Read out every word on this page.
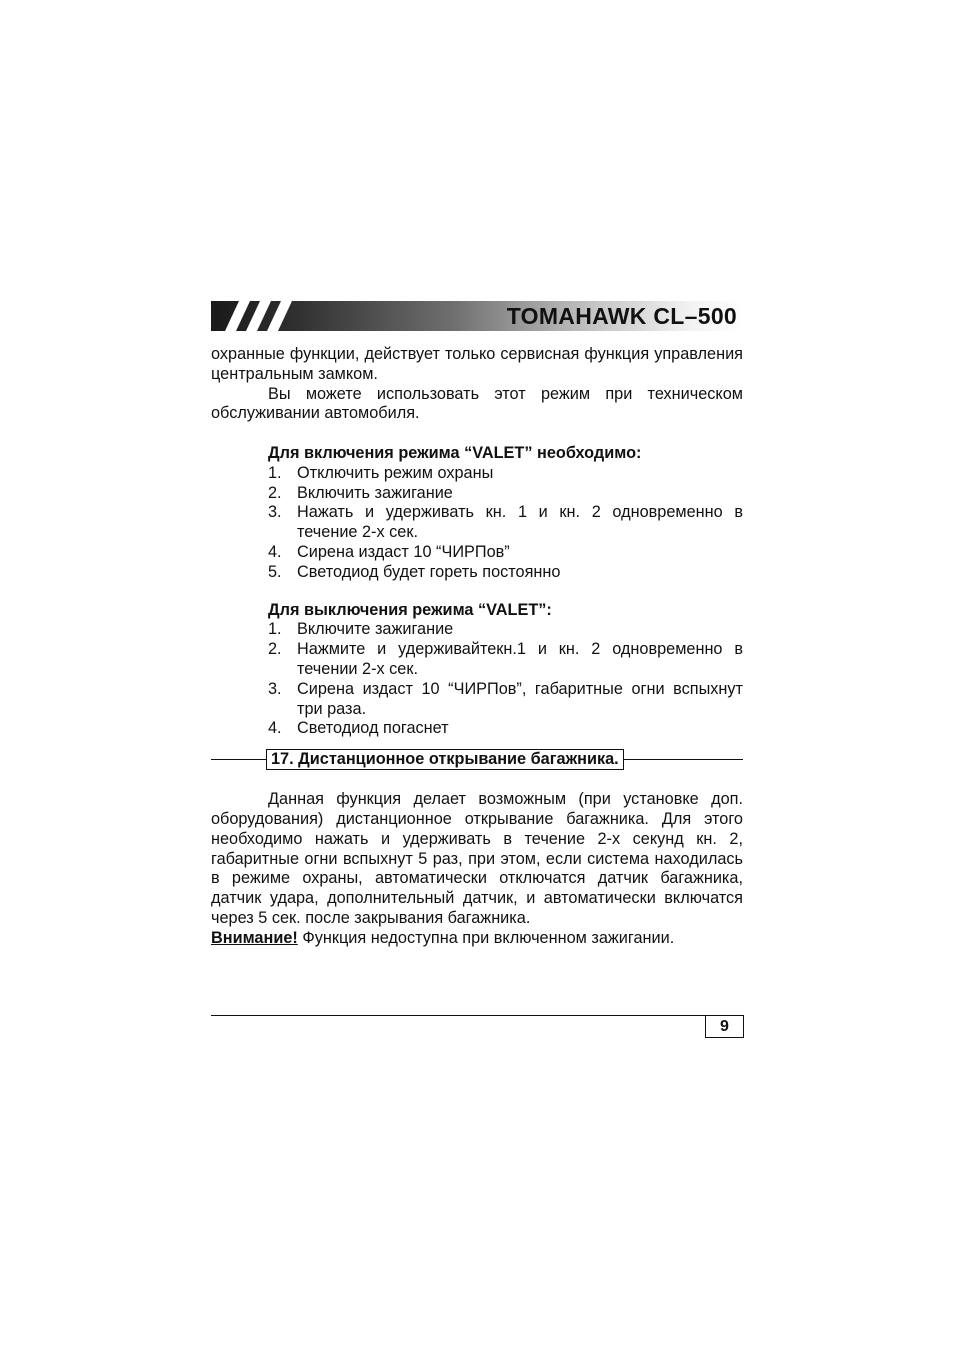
TOMAHAWK CL–500

охранные функции, действует только сервисная функция управления центральным замком.

Вы можете использовать этот режим при техническом обслуживании автомобиля.

Для включения режима “VALET” необходимо:

1. Отключить режим охраны
2. Включить зажигание
3. Нажать и удерживать кн. 1 и кн. 2 одновременно в течение 2-х сек.
4. Сирена издаст 10 “ЧИРПов”
5. Светодиод будет гореть постоянно

Для выключения режима “VALET”:

1. Включите зажигание
2. Нажмите и удерживайтекн.1 и кн. 2 одновременно в течении 2-х сек.
3. Сирена издаст 10 “ЧИРПов”, габаритные огни вспыхнут три раза.
4. Светодиод погаснет
17. Дистанционное открывание багажника.

Данная функция делает возможным (при установке доп. оборудования) дистанционное открывание багажника. Для этого необходимо нажать и удерживать в течение 2-х секунд кн. 2, габаритные огни вспыхнут 5 раз, при этом, если система находилась в режиме охраны, автоматически отключатся датчик багажника, датчик удара, дополнительный датчик, и автоматически включатся через 5 сек. после закрывания багажника.

Внимание! Функция недоступна при включенном зажигании.

9
